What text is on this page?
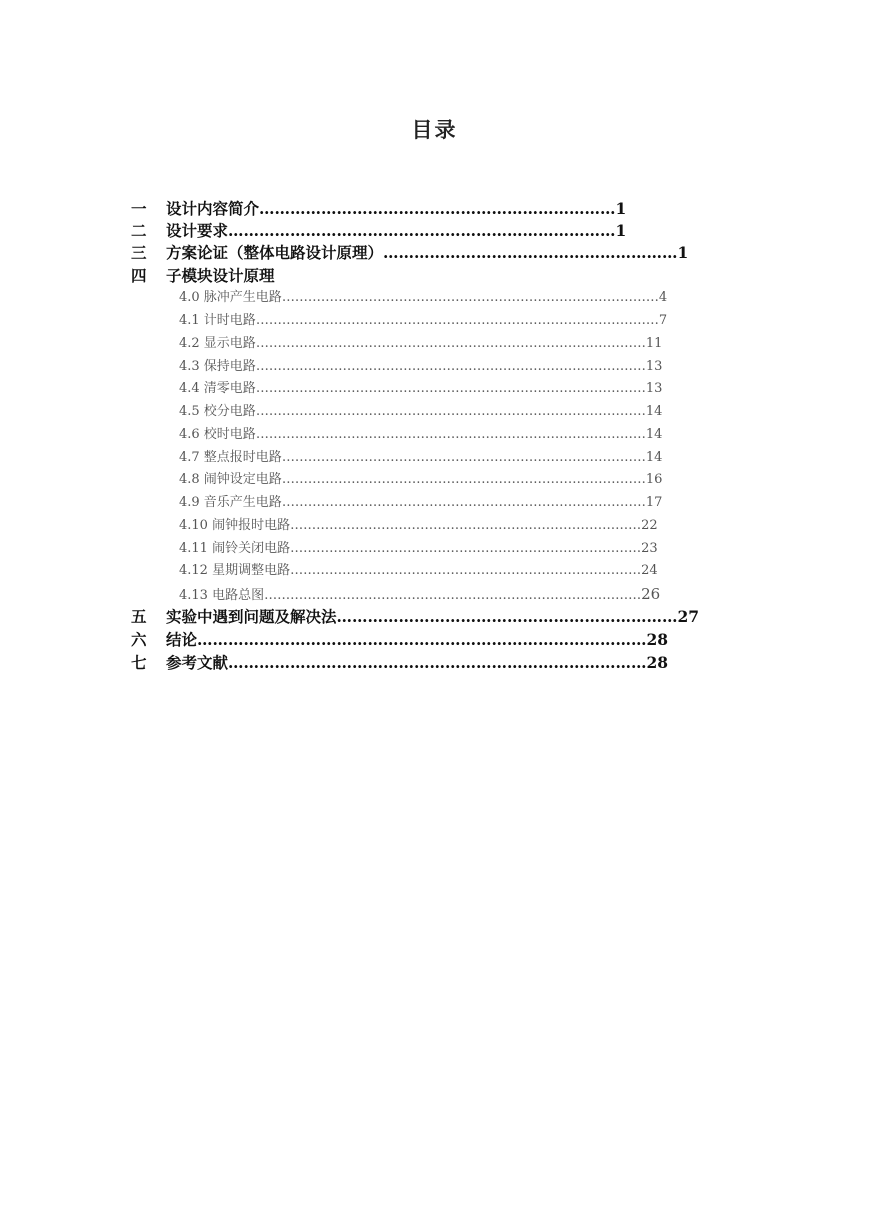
目录
一 设计内容简介……………………………………………………………1
二 设计要求…………………………………………………………………1
三 方案论证（整体电路设计原理）…………………………………………………1
四 子模块设计原理
4.0 脉冲产生电路……………………………………………………………………………4
4.1 计时电路…………………………………………………………………………………7
4.2 显示电路………………………………………………………………………………11
4.3 保持电路………………………………………………………………………………13
4.4 清零电路………………………………………………………………………………13
4.5 校分电路………………………………………………………………………………14
4.6 校时电路………………………………………………………………………………14
4.7 整点报时电路…………………………………………………………………………14
4.8 闹钟设定电路…………………………………………………………………………16
4.9 音乐产生电路…………………………………………………………………………17
4.10 闹钟报时电路………………………………………………………………………22
4.11 闹铃关闭电路………………………………………………………………………23
4.12 星期调整电路………………………………………………………………………24
4.13 电路总图……………………………………………………………………………26
五 实验中遇到问题及解决法…………………………………………………………27
六 结论……………………………………………………………………………28
七 参考文献………………………………………………………………………28
